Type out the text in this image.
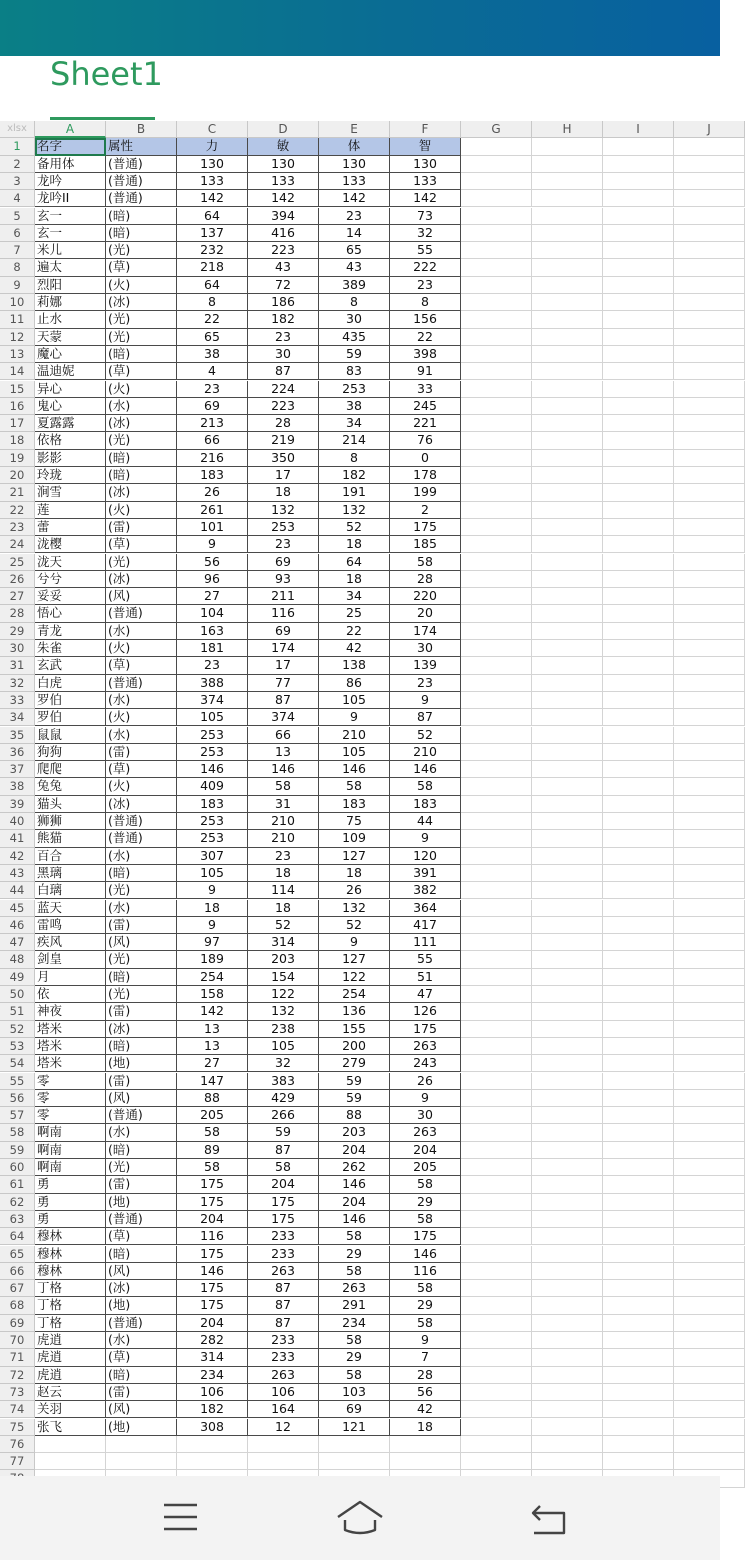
Sheet1
xlsx	A	B	C	D	E	F	G	H	I	J
1	名字	属性	力	敏	体	智
2	备用体	(普通)	130	130	130	130
3	龙吟	(普通)	133	133	133	133
4	龙吟II	(普通)	142	142	142	142
5	玄一	(暗)	64	394	23	73
6	玄一	(暗)	137	416	14	32
7	米儿	(光)	232	223	65	55
8	遍太	(草)	218	43	43	222
9	烈阳	(火)	64	72	389	23
10	莉娜	(冰)	8	186	8	8
11	止水	(光)	22	182	30	156
12	天蒙	(光)	65	23	435	22
13	魔心	(暗)	38	30	59	398
14	温迪妮	(草)	4	87	83	91
15	异心	(火)	23	224	253	33
16	鬼心	(水)	69	223	38	245
17	夏露露	(冰)	213	28	34	221
18	依格	(光)	66	219	214	76
19	影影	(暗)	216	350	8	0
20	玲珑	(暗)	183	17	182	178
21	涧雪	(冰)	26	18	191	199
22	莲	(火)	261	132	132	2
23	蕾	(雷)	101	253	52	175
24	泷樱	(草)	9	23	18	185
25	泷天	(光)	56	69	64	58
26	兮兮	(冰)	96	93	18	28
27	妥妥	(风)	27	211	34	220
28	悟心	(普通)	104	116	25	20
29	青龙	(水)	163	69	22	174
30	朱雀	(火)	181	174	42	30
31	玄武	(草)	23	17	138	139
32	白虎	(普通)	388	77	86	23
33	罗伯	(水)	374	87	105	9
34	罗伯	(火)	105	374	9	87
35	鼠鼠	(水)	253	66	210	52
36	狗狗	(雷)	253	13	105	210
37	爬爬	(草)	146	146	146	146
38	兔兔	(火)	409	58	58	58
39	猫头	(冰)	183	31	183	183
40	狮狮	(普通)	253	210	75	44
41	熊猫	(普通)	253	210	109	9
42	百合	(水)	307	23	127	120
43	黑璃	(暗)	105	18	18	391
44	白璃	(光)	9	114	26	382
45	蓝天	(水)	18	18	132	364
46	雷鸣	(雷)	9	52	52	417
47	疾风	(风)	97	314	9	111
48	剑皇	(光)	189	203	127	55
49	月	(暗)	254	154	122	51
50	依	(光)	158	122	254	47
51	神夜	(雷)	142	132	136	126
52	塔米	(冰)	13	238	155	175
53	塔米	(暗)	13	105	200	263
54	塔米	(地)	27	32	279	243
55	零	(雷)	147	383	59	26
56	零	(风)	88	429	59	9
57	零	(普通)	205	266	88	30
58	啊南	(水)	58	59	203	263
59	啊南	(暗)	89	87	204	204
60	啊南	(光)	58	58	262	205
61	勇	(雷)	175	204	146	58
62	勇	(地)	175	175	204	29
63	勇	(普通)	204	175	146	58
64	穆林	(草)	116	233	58	175
65	穆林	(暗)	175	233	29	146
66	穆林	(风)	146	263	58	116
67	丁格	(冰)	175	87	263	58
68	丁格	(地)	175	87	291	29
69	丁格	(普通)	204	87	234	58
70	虎逍	(水)	282	233	58	9
71	虎逍	(草)	314	233	29	7
72	虎逍	(暗)	234	263	58	28
73	赵云	(雷)	106	106	103	56
74	关羽	(风)	182	164	69	42
75	张飞	(地)	308	12	121	18
76
77
